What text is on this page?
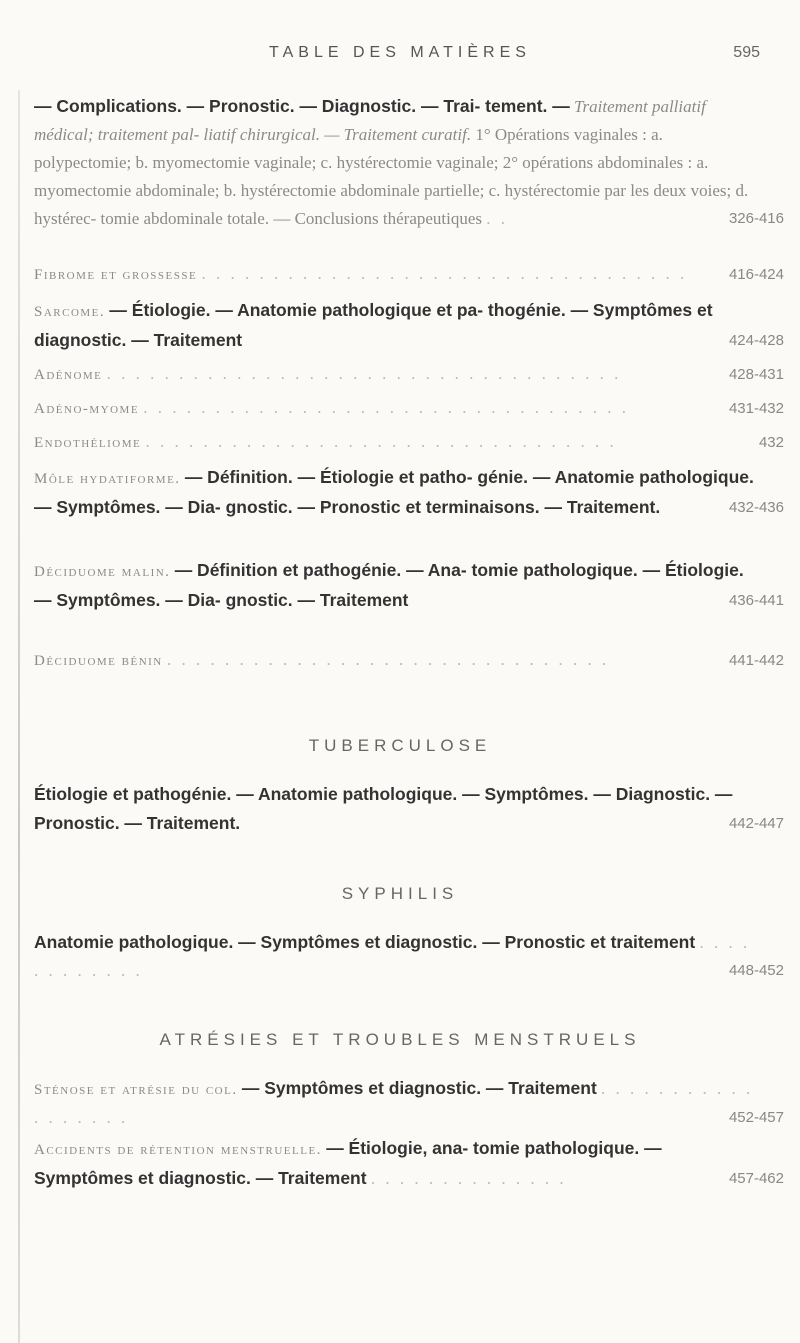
TABLE DES MATIÈRES	595
— Complications. — Pronostic. — Diagnostic. — Trai- tement. — Traitement palliatif médical; traitement pal- liatif chirurgical. — Traitement curatif. 1° Opérations vaginales : a. polypectomie; b. myomectomie vaginale; c. hystérectomie vaginale; 2° opérations abdominales : a. myomectomie abdominale; b. hystérectomie abdominale partielle; c. hystérectomie par les deux voies; d. hystérec- tomie abdominale totale. — Conclusions thérapeutiques . .	326-416
Fibrome et grossesse . . . . . . . . . . . . . . . . . . . . . . . . . . . . . . . . . .	416-424
Sarcome. — Étiologie. — Anatomie pathologique et pa- thogénie. — Symptômes et diagnostic. — Traitement	424-428
Adénome . . . . . . . . . . . . . . . . . . . . . . . . . . . . . . . . . . . .	428-431
Adéno-myome . . . . . . . . . . . . . . . . . . . . . . . . . . . . . . . . . .	431-432
Endothéliome . . . . . . . . . . . . . . . . . . . . . . . . . . . . . . . . .	432
Môle hydatiforme. — Définition. — Étiologie et patho- génie. — Anatomie pathologique. — Symptômes. — Dia- gnostic. — Pronostic et terminaisons. — Traitement.	432-436
Déciduome malin. — Définition et pathogénie. — Ana- tomie pathologique. — Étiologie. — Symptômes. — Dia- gnostic. — Traitement	436-441
Déciduome bénin . . . . . . . . . . . . . . . . . . . . . . . . . . . . . . .	441-442
TUBERCULOSE
Étiologie et pathogénie. — Anatomie pathologique. — Symptômes. — Diagnostic. — Pronostic. — Traitement.	442-447
SYPHILIS
Anatomie pathologique. — Symptômes et diagnostic. — Pronostic et traitement . . . . . . . . . . . .	448-452
ATRÉSIES ET TROUBLES MENSTRUELS
Sténose et atrésie du col. — Symptômes et diagnostic. — Traitement . . . . . . . . . . . . . . . . . .	452-457
Accidents de rétention menstruelle. — Étiologie, ana- tomie pathologique. — Symptômes et diagnostic. — Traitement . . . . . . . . . . . . . .	457-462
